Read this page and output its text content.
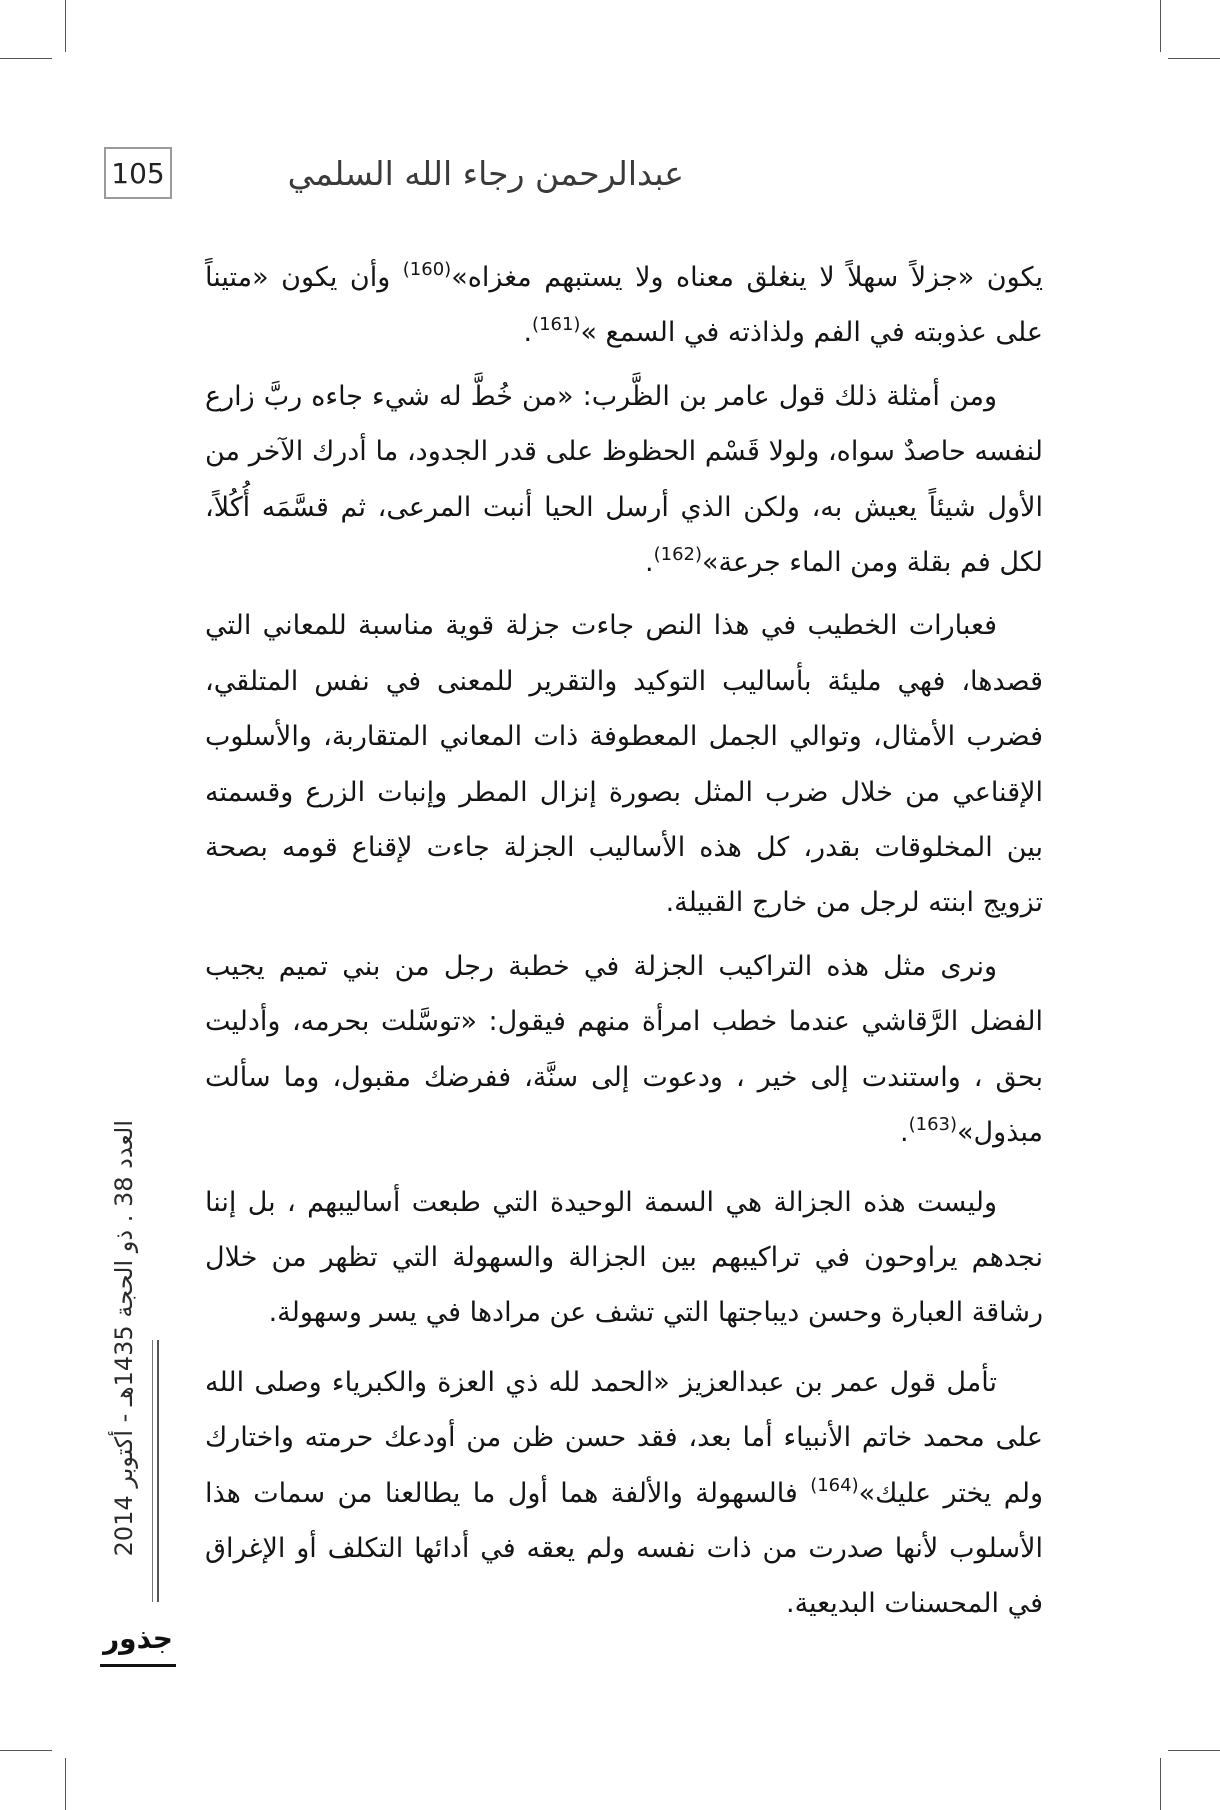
105	عبدالرحمن رجاء الله السلمي

يكون «جزلاً سهلاً لا ينغلق معناه ولا يستبهم مغزاه»$^{(160)}$ وأن يكون «متيناً على عذوبته في الفم ولذاذته في السمع »$^{(161)}$.

ومن أمثلة ذلك قول عامر بن الظَّرب: «من خُطَّ له شيء جاءه ربَّ زارع لنفسه حاصدٌ سواه، ولولا قَسْم الحظوظ على قدر الجدود، ما أدرك الآخر من الأول شيئاً يعيش به، ولكن الذي أرسل الحيا أنبت المرعى، ثم قسَّمَه أُكُلاً، لكل فم بقلة ومن الماء جرعة»$^{(162)}$.

فعبارات الخطيب في هذا النص جاءت جزلة قوية مناسبة للمعاني التي قصدها، فهي مليئة بأساليب التوكيد والتقرير للمعنى في نفس المتلقي، فضرب الأمثال، وتوالي الجمل المعطوفة ذات المعاني المتقاربة، والأسلوب الإقناعي من خلال ضرب المثل بصورة إنزال المطر وإنبات الزرع وقسمته بين المخلوقات بقدر، كل هذه الأساليب الجزلة جاءت لإقناع قومه بصحة تزويج ابنته لرجل من خارج القبيلة.

ونرى مثل هذه التراكيب الجزلة في خطبة رجل من بني تميم يجيب الفضل الرَّقاشي عندما خطب امرأة منهم فيقول: «توسَّلت بحرمه، وأدليت بحق ، واستندت إلى خير ، ودعوت إلى سنَّة، ففرضك مقبول، وما سألت مبذول»$^{(163)}$.

وليست هذه الجزالة هي السمة الوحيدة التي طبعت أساليبهم ، بل إننا نجدهم يراوحون في تراكيبهم بين الجزالة والسهولة التي تظهر من خلال رشاقة العبارة وحسن ديباجتها التي تشف عن مرادها في يسر وسهولة.

تأمل قول عمر بن عبدالعزيز «الحمد لله ذي العزة والكبرياء وصلى الله على محمد خاتم الأنبياء أما بعد، فقد حسن ظن من أودعك حرمته واختارك ولم يختر عليك»$^{(164)}$ فالسهولة والألفة هما أول ما يطالعنا من سمات هذا الأسلوب لأنها صدرت من ذات نفسه ولم يعقه في أدائها التكلف أو الإغراق في المحسنات البديعية.

العدد 38 . ذو الحجة 1435هـ - أكتوبر 2014
جذور
